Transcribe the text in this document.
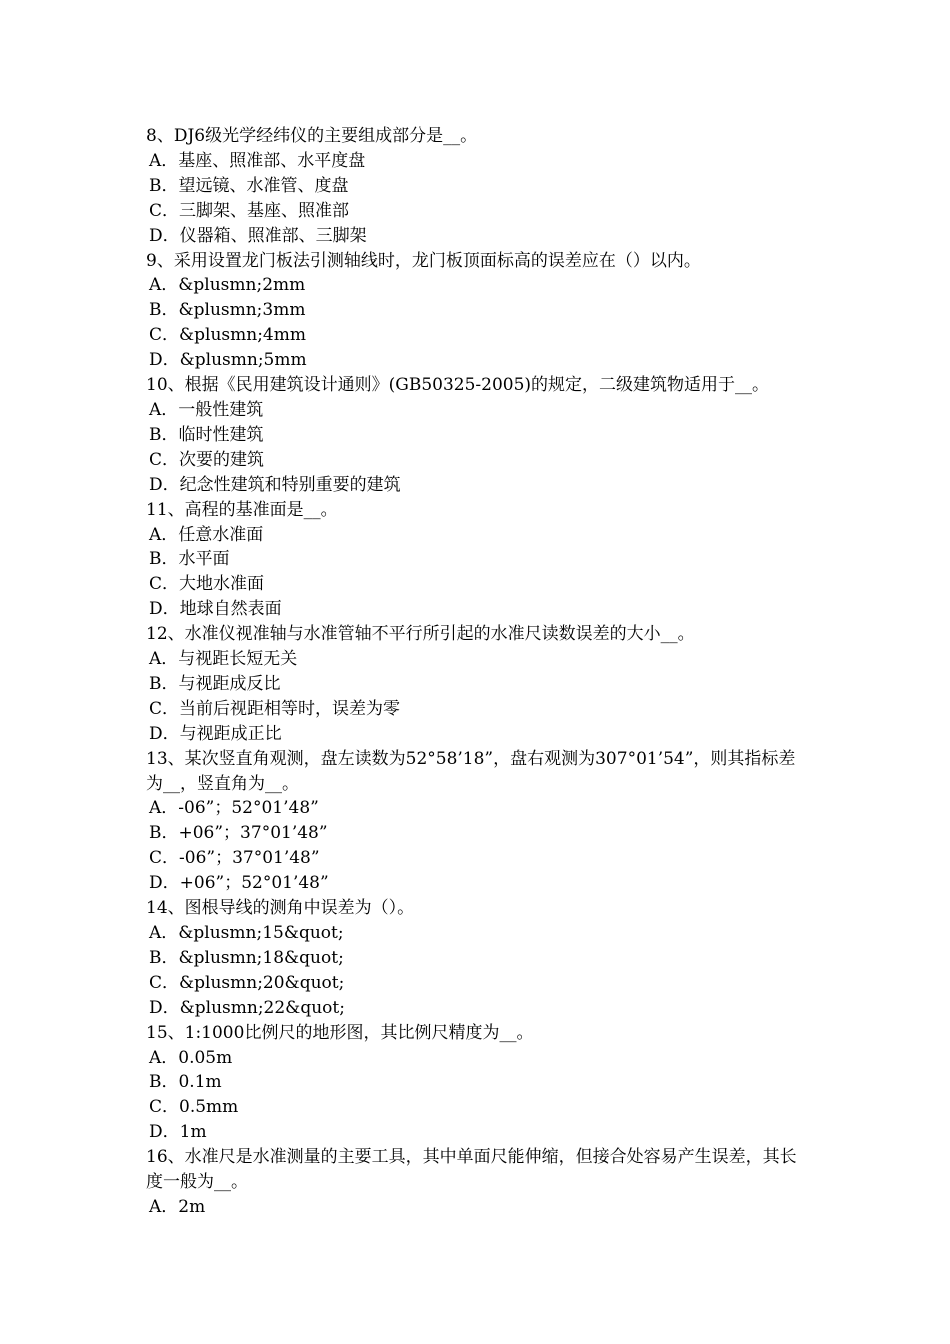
8、DJ6级光学经纬仪的主要组成部分是__。

A．基座、照准部、水平度盘

B．望远镜、水准管、度盘

C．三脚架、基座、照准部

D．仪器箱、照准部、三脚架

9、采用设置龙门板法引测轴线时，龙门板顶面标高的误差应在（）以内。

A．&plusmn;2mm

B．&plusmn;3mm

C．&plusmn;4mm

D．&plusmn;5mm

10、根据《民用建筑设计通则》(GB50325-2005)的规定，二级建筑物适用于__。

A．一般性建筑

B．临时性建筑

C．次要的建筑

D．纪念性建筑和特别重要的建筑

11、高程的基准面是__。

A．任意水准面

B．水平面

C．大地水准面

D．地球自然表面

12、水准仪视准轴与水准管轴不平行所引起的水准尺读数误差的大小__。

A．与视距长短无关

B．与视距成反比

C．当前后视距相等时，误差为零

D．与视距成正比

13、某次竖直角观测，盘左读数为52°58’18”，盘右观测为307°01’54”，则其指标差为__，竖直角为__。

A．-06”；52°01’48”

B．+06”；37°01’48”

C．-06”；37°01’48”

D．+06”；52°01’48”

14、图根导线的测角中误差为（）。

A．&plusmn;15&quot;

B．&plusmn;18&quot;

C．&plusmn;20&quot;

D．&plusmn;22&quot;

15、1:1000比例尺的地形图，其比例尺精度为__。

A．0.05m

B．0.1m

C．0.5mm

D．1m

16、水准尺是水准测量的主要工具，其中单面尺能伸缩，但接合处容易产生误差，其长度一般为__。

A．2m
